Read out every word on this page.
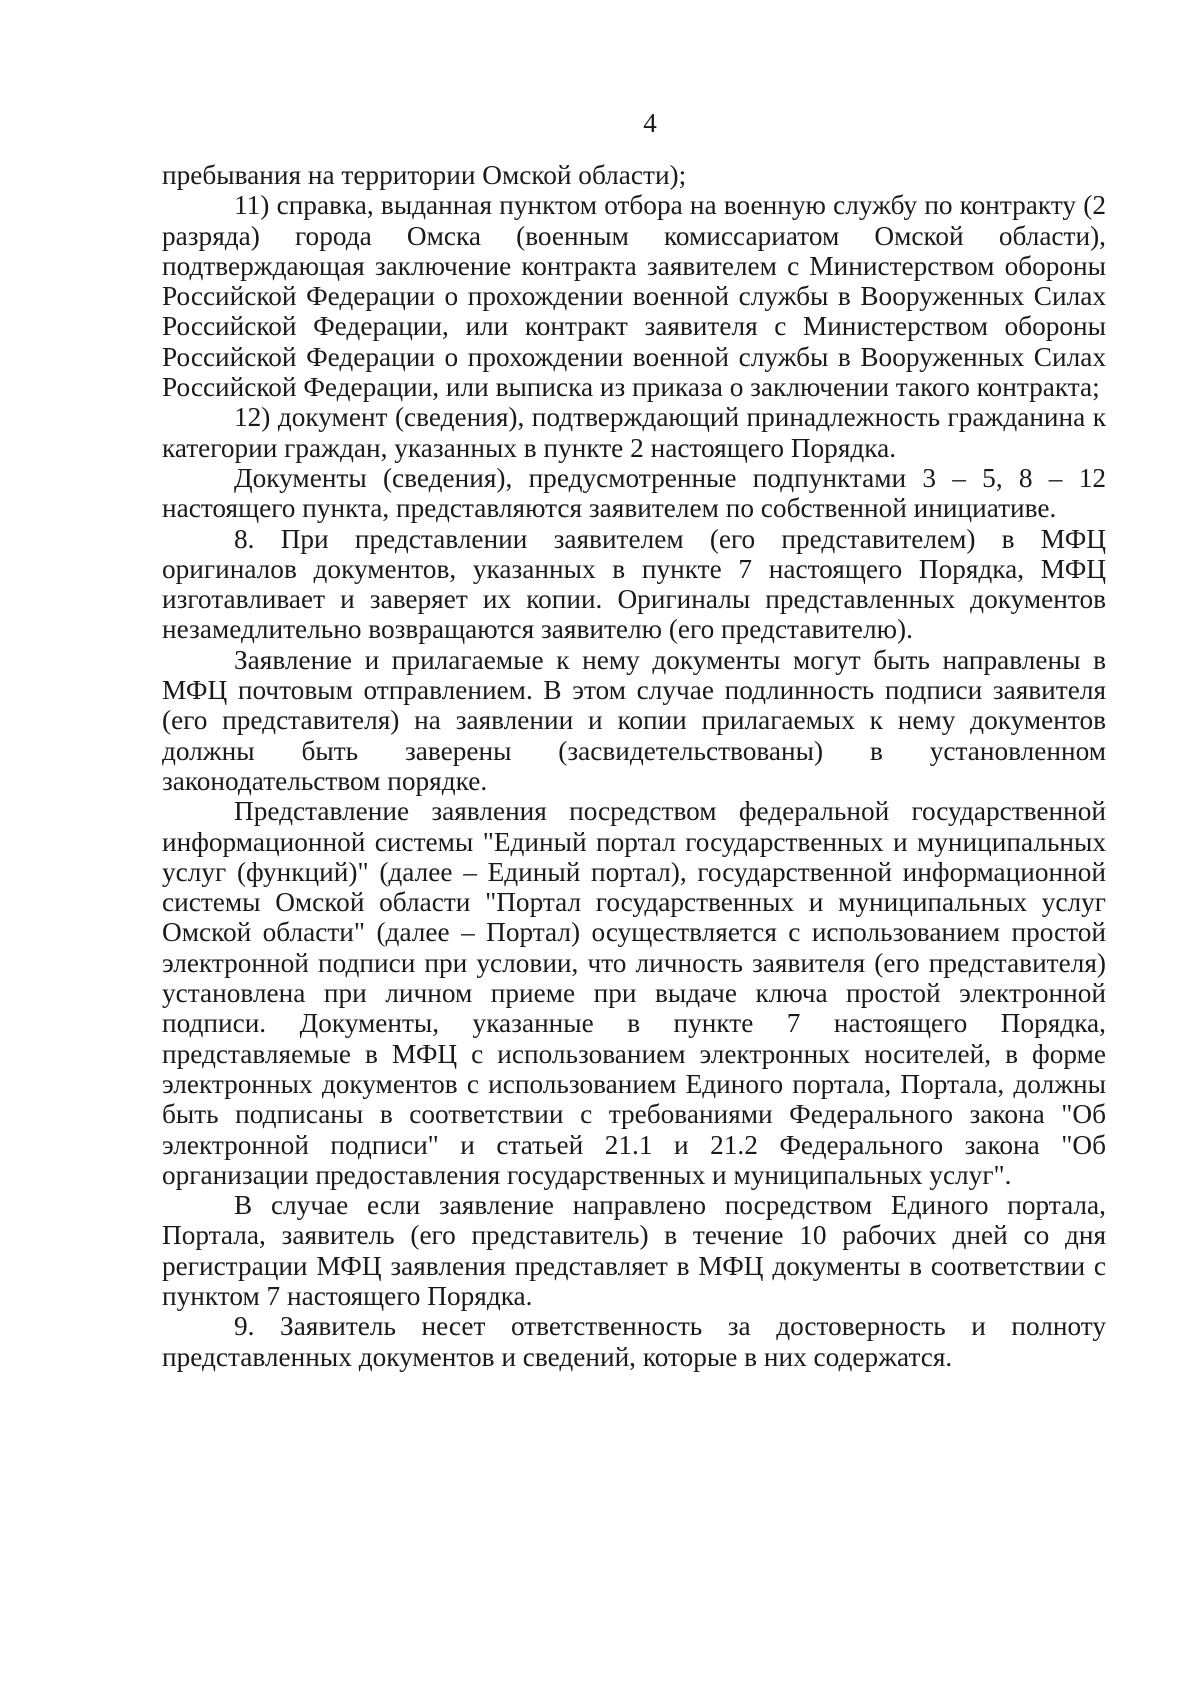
4

пребывания на территории Омской области);

11) справка, выданная пунктом отбора на военную службу по контракту (2 разряда) города Омска (военным комиссариатом Омской области), подтверждающая заключение контракта заявителем с Министерством обороны Российской Федерации о прохождении военной службы в Вооруженных Силах Российской Федерации, или контракт заявителя с Министерством обороны Российской Федерации о прохождении военной службы в Вооруженных Силах Российской Федерации, или выписка из приказа о заключении такого контракта;

12) документ (сведения), подтверждающий принадлежность гражданина к категории граждан, указанных в пункте 2 настоящего Порядка.

Документы (сведения), предусмотренные подпунктами 3 – 5, 8 – 12 настоящего пункта, представляются заявителем по собственной инициативе.

8. При представлении заявителем (его представителем) в МФЦ оригиналов документов, указанных в пункте 7 настоящего Порядка, МФЦ изготавливает и заверяет их копии. Оригиналы представленных документов незамедлительно возвращаются заявителю (его представителю).

Заявление и прилагаемые к нему документы могут быть направлены в МФЦ почтовым отправлением. В этом случае подлинность подписи заявителя (его представителя) на заявлении и копии прилагаемых к нему документов должны быть заверены (засвидетельствованы) в установленном законодательством порядке.

Представление заявления посредством федеральной государственной информационной системы "Единый портал государственных и муниципальных услуг (функций)" (далее – Единый портал), государственной информационной системы Омской области "Портал государственных и муниципальных услуг Омской области" (далее – Портал) осуществляется с использованием простой электронной подписи при условии, что личность заявителя (его представителя) установлена при личном приеме при выдаче ключа простой электронной подписи. Документы, указанные в пункте 7 настоящего Порядка, представляемые в МФЦ с использованием электронных носителей, в форме электронных документов с использованием Единого портала, Портала, должны быть подписаны в соответствии с требованиями Федерального закона "Об электронной подписи" и статьей 21.1 и 21.2 Федерального закона "Об организации предоставления государственных и муниципальных услуг".

В случае если заявление направлено посредством Единого портала, Портала, заявитель (его представитель) в течение 10 рабочих дней со дня регистрации МФЦ заявления представляет в МФЦ документы в соответствии с пунктом 7 настоящего Порядка.

9. Заявитель несет ответственность за достоверность и полноту представленных документов и сведений, которые в них содержатся.
